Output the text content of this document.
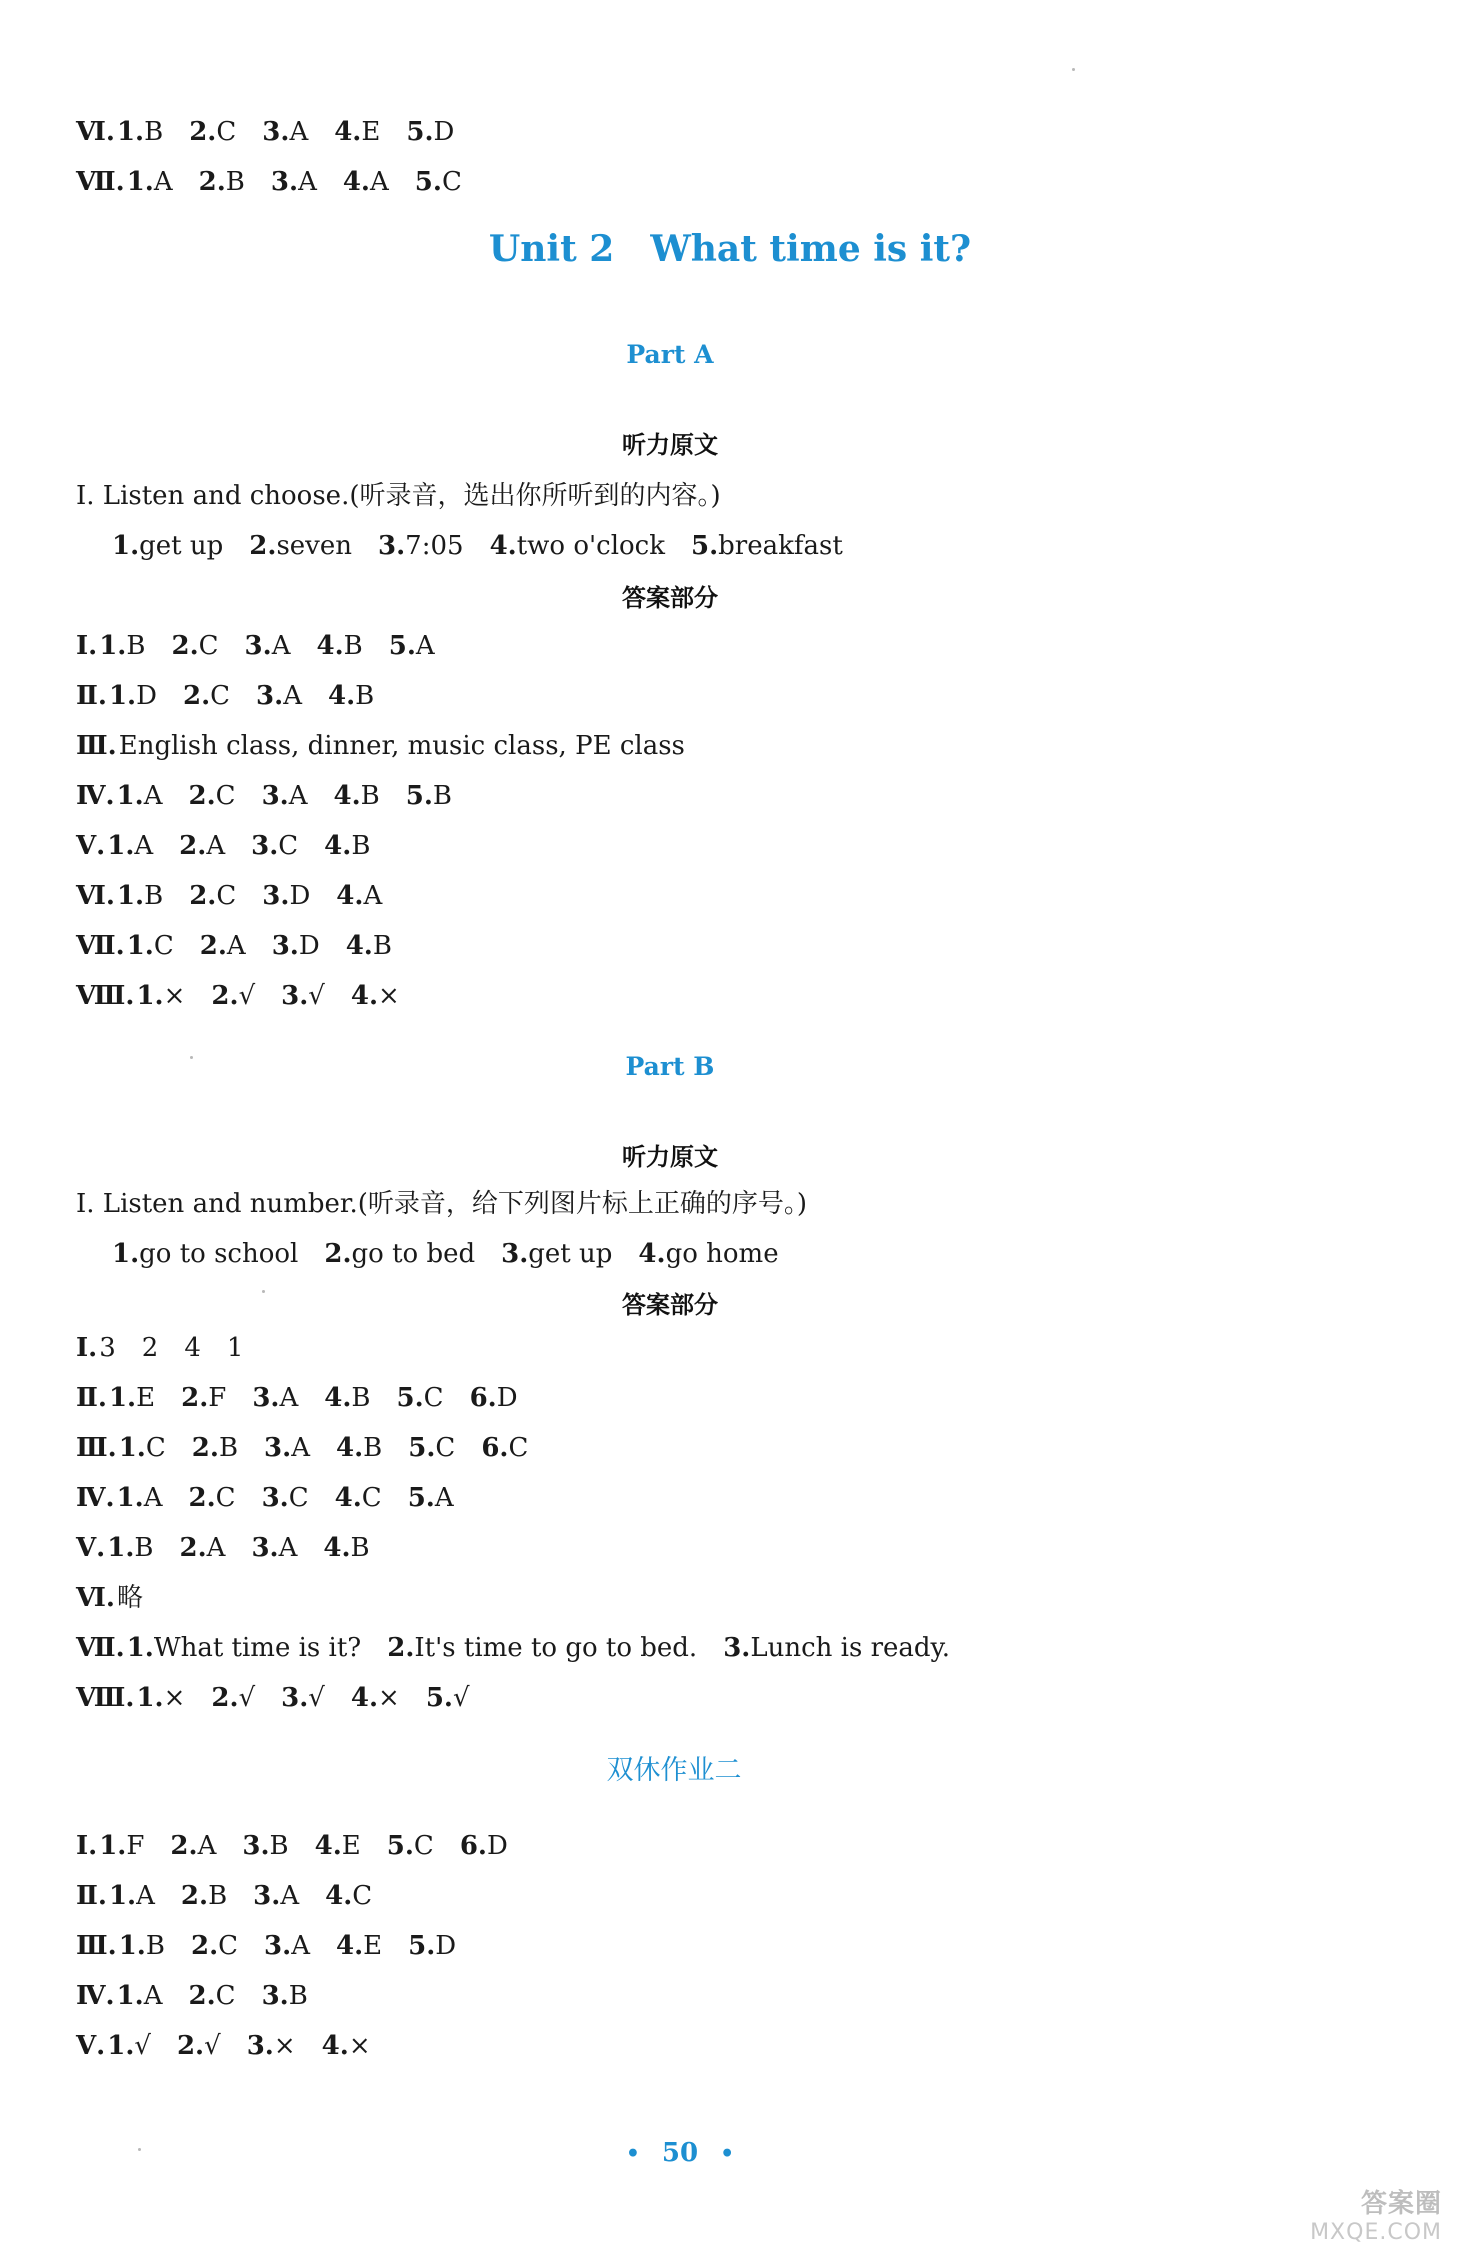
Ⅵ.1.B 2.C 3.A 4.E 5.D
Ⅶ.1.A 2.B 3.A 4.A 5.C
Unit 2 What time is it?
Part A
听力原文
Ⅰ. Listen and choose.(听录音，选出你所听到的内容。)
1.get up 2.seven 3.7:05 4.two o'clock 5.breakfast
答案部分
Ⅰ.1.B 2.C 3.A 4.B 5.A
Ⅱ.1.D 2.C 3.A 4.B
Ⅲ.English class, dinner, music class, PE class
Ⅳ.1.A 2.C 3.A 4.B 5.B
Ⅴ.1.A 2.A 3.C 4.B
Ⅵ.1.B 2.C 3.D 4.A
Ⅶ.1.C 2.A 3.D 4.B
Ⅷ.1.× 2.√ 3.√ 4.×
Part B
听力原文
Ⅰ. Listen and number.(听录音，给下列图片标上正确的序号。)
1.go to school 2.go to bed 3.get up 4.go home
答案部分
Ⅰ.3 2 4 1
Ⅱ.1.E 2.F 3.A 4.B 5.C 6.D
Ⅲ.1.C 2.B 3.A 4.B 5.C 6.C
Ⅳ.1.A 2.C 3.C 4.C 5.A
Ⅴ.1.B 2.A 3.A 4.B
Ⅵ.略
Ⅶ.1.What time is it? 2.It's time to go to bed. 3.Lunch is ready.
Ⅷ.1.× 2.√ 3.√ 4.× 5.√
双休作业二
Ⅰ.1.F 2.A 3.B 4.E 5.C 6.D
Ⅱ.1.A 2.B 3.A 4.C
Ⅲ.1.B 2.C 3.A 4.E 5.D
Ⅳ.1.A 2.C 3.B
Ⅴ.1.√ 2.√ 3.× 4.×
• 50 •
答案圈
MXQE.COM
